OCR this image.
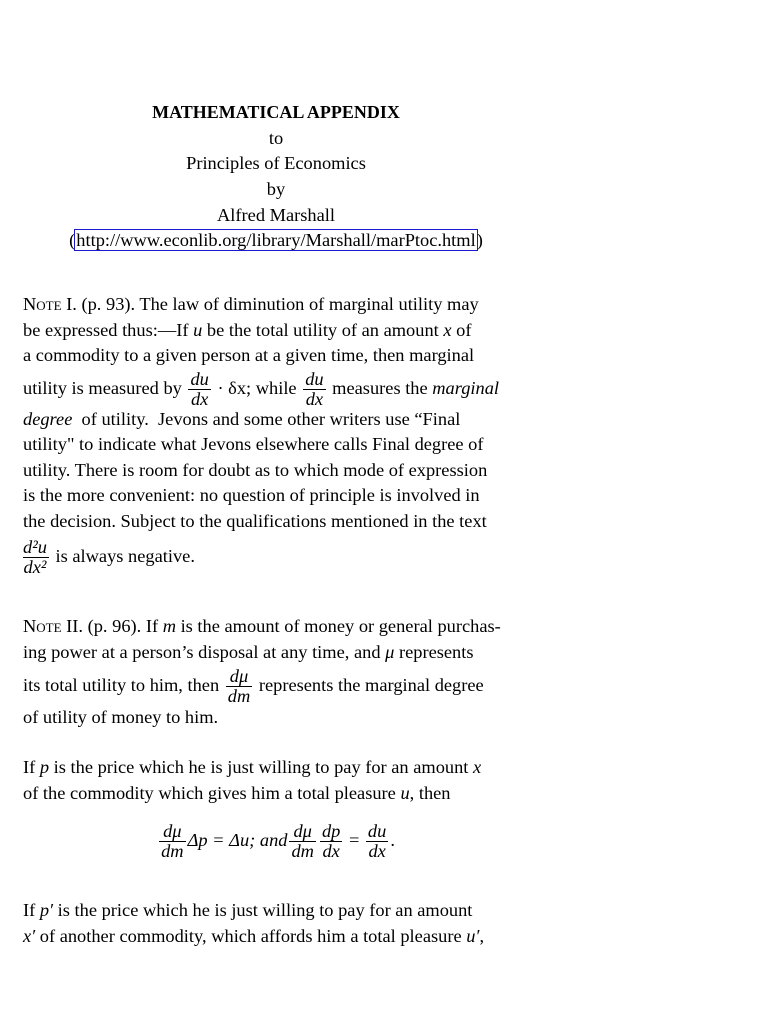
MATHEMATICAL APPENDIX
to
Principles of Economics
by
Alfred Marshall
(http://www.econlib.org/library/Marshall/marPtoc.html)

Note I. (p. 93). The law of diminution of marginal utility may

be expressed thus:—If u be the total utility of an amount x of

a commodity to a given person at a given time, then marginal

utility is measured by $\frac{du}{dx} \cdot \delta x$; while $\frac{du}{dx}$ measures the marginal

degree  of utility.  Jevons and some other writers use “Final

utility" to indicate what Jevons elsewhere calls Final degree of

utility. There is room for doubt as to which mode of expression

is the more convenient: no question of principle is involved in

the decision. Subject to the qualifications mentioned in the text

$\frac{\text{d²u}}{\text{dx²}}$ is always negative.

Note II. (p. 96). If m is the amount of money or general purchas-

ing power at a person’s disposal at any time, and μ represents

its total utility to him, then $\frac{d\mu}{dm}$ represents the marginal degree

of utility of money to him.

If p is the price which he is just willing to pay for an amount x

of the commodity which gives him a total pleasure u, then

$\frac{d\mu}{dm}$ Δp = Δu; and $\frac{d\mu}{dm} \frac{dp}{dx} = \frac{du}{dx}$ .

If p′ is the price which he is just willing to pay for an amount

x′ of another commodity, which affords him a total pleasure u′,
